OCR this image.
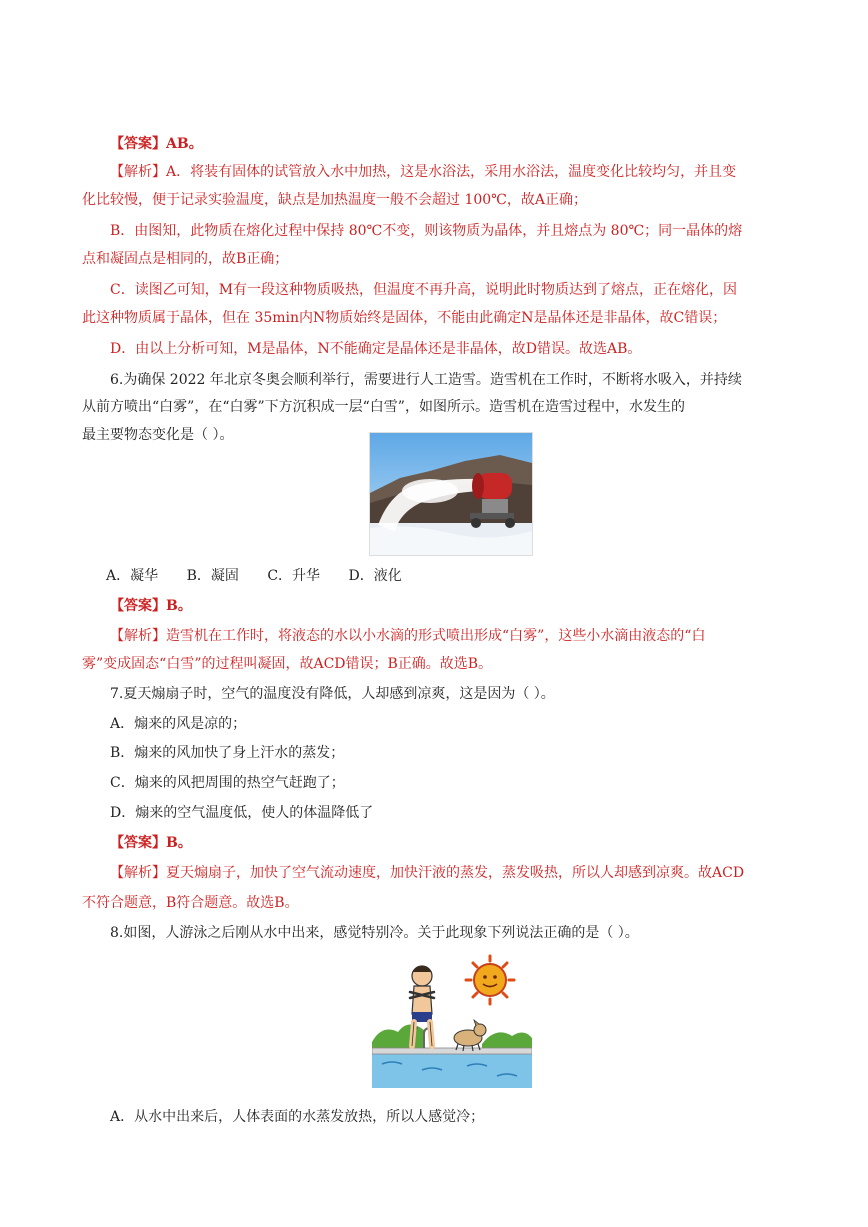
【答案】AB。
【解析】A．将装有固体的试管放入水中加热，这是水浴法，采用水浴法，温度变化比较均匀，并且变
化比较慢，便于记录实验温度，缺点是加热温度一般不会超过 100℃，故A正确；
B．由图知，此物质在熔化过程中保持 80℃不变，则该物质为晶体，并且熔点为 80℃；同一晶体的熔
点和凝固点是相同的，故B正确；
C．读图乙可知，M有一段这种物质吸热，但温度不再升高，说明此时物质达到了熔点，正在熔化，因
此这种物质属于晶体，但在 35min内N物质始终是固体，不能由此确定N是晶体还是非晶体，故C错误；
D．由以上分析可知，M是晶体，N不能确定是晶体还是非晶体，故D错误。故选AB。
6.为确保 2022 年北京冬奥会顺利举行，需要进行人工造雪。造雪机在工作时，不断将水吸入，并持续
从前方喷出“白雾”，在“白雾”下方沉积成一层“白雪”，如图所示。造雪机在造雪过程中，水发生的
最主要物态变化是（ ）。
A．凝华 B．凝固 C．升华 D．液化
【答案】B。
【解析】造雪机在工作时，将液态的水以小水滴的形式喷出形成“白雾”，这些小水滴由液态的“白
雾”变成固态“白雪”的过程叫凝固，故ACD错误；B正确。故选B。
7.夏天煽扇子时，空气的温度没有降低，人却感到凉爽，这是因为（ ）。
A．煽来的风是凉的；
B．煽来的风加快了身上汗水的蒸发；
C．煽来的风把周围的热空气赶跑了；
D．煽来的空气温度低，使人的体温降低了
【答案】B。
【解析】夏天煽扇子，加快了空气流动速度，加快汗液的蒸发，蒸发吸热，所以人却感到凉爽。故ACD
不符合题意，B符合题意。故选B。
8.如图，人游泳之后刚从水中出来，感觉特别冷。关于此现象下列说法正确的是（ ）。
A．从水中出来后，人体表面的水蒸发放热，所以人感觉冷；
